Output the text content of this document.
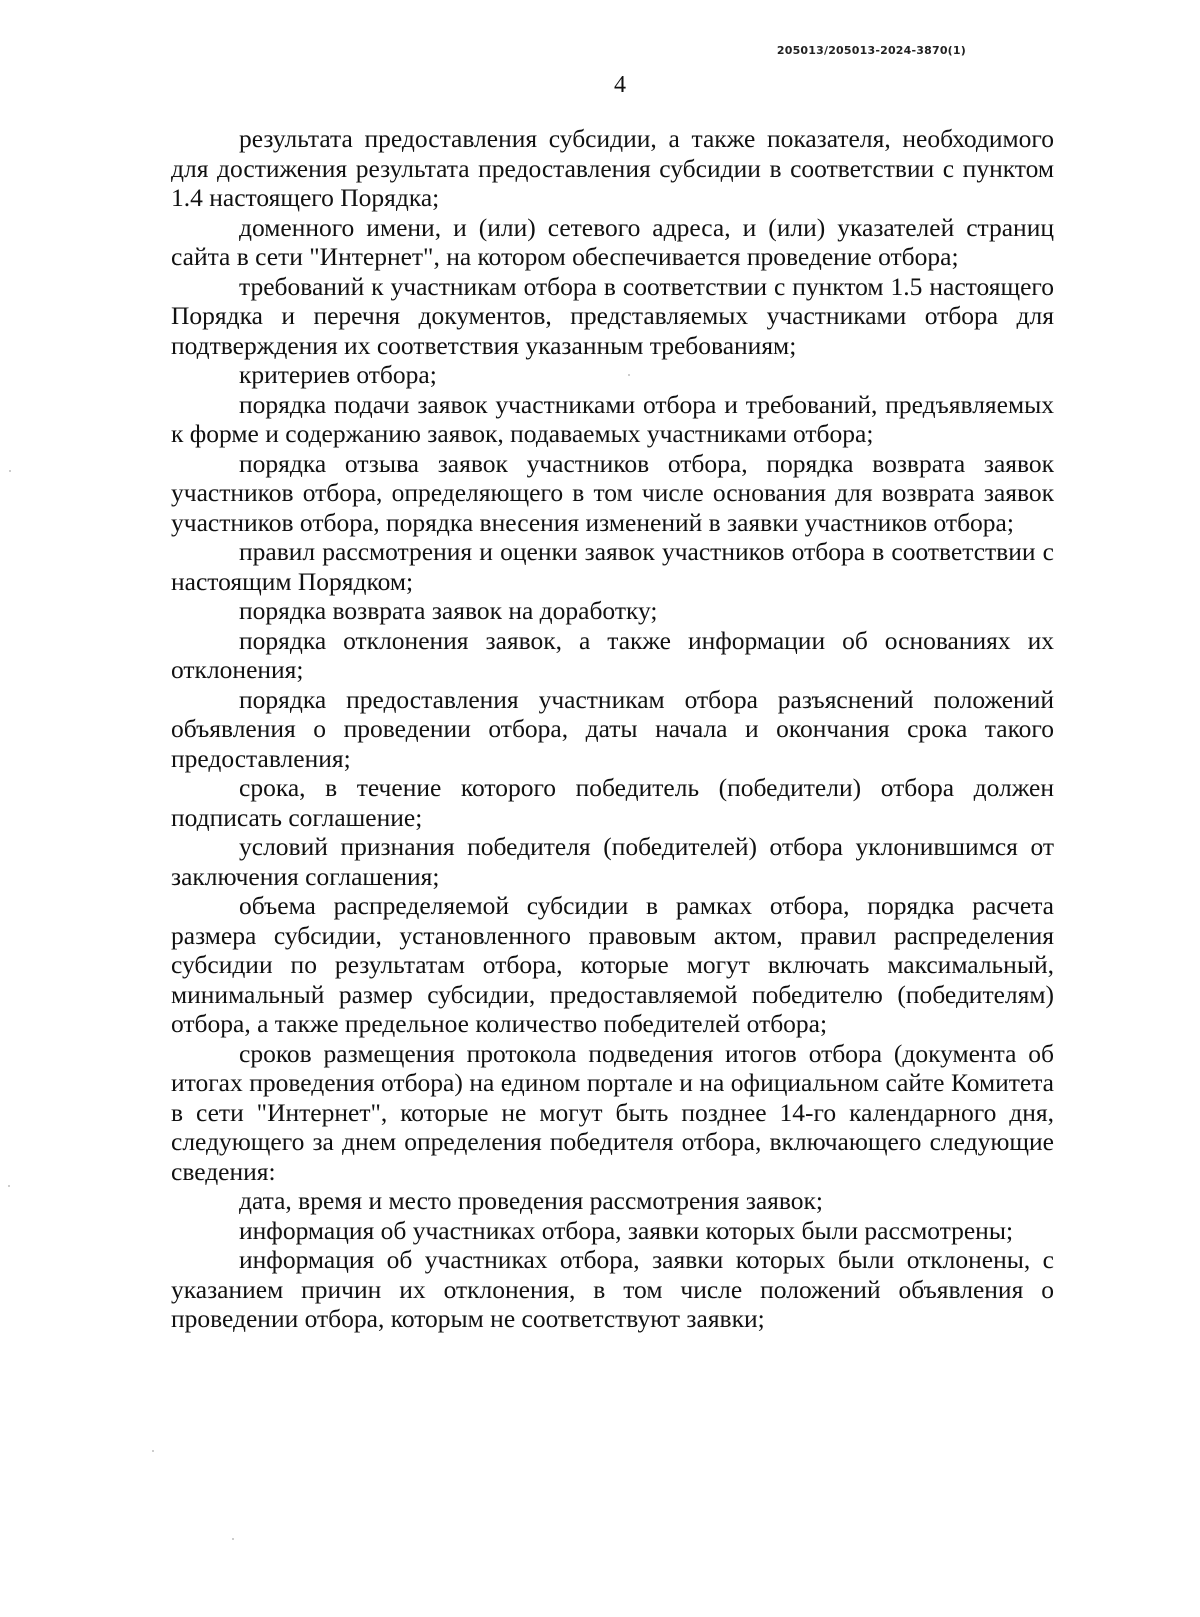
205013/205013-2024-3870(1)
4

результата предоставления субсидии, а также показателя, необходимого для достижения результата предоставления субсидии в соответствии с пунктом 1.4 настоящего Порядка;

доменного имени, и (или) сетевого адреса, и (или) указателей страниц сайта в сети "Интернет", на котором обеспечивается проведение отбора;

требований к участникам отбора в соответствии с пунктом 1.5 настоящего Порядка и перечня документов, представляемых участниками отбора для подтверждения их соответствия указанным требованиям;

критериев отбора;

порядка подачи заявок участниками отбора и требований, предъявляемых к форме и содержанию заявок, подаваемых участниками отбора;

порядка отзыва заявок участников отбора, порядка возврата заявок участников отбора, определяющего в том числе основания для возврата заявок участников отбора, порядка внесения изменений в заявки участников отбора;

правил рассмотрения и оценки заявок участников отбора в соответствии с настоящим Порядком;

порядка возврата заявок на доработку;

порядка отклонения заявок, а также информации об основаниях их отклонения;

порядка предоставления участникам отбора разъяснений положений объявления о проведении отбора, даты начала и окончания срока такого предоставления;

срока, в течение которого победитель (победители) отбора должен подписать соглашение;

условий признания победителя (победителей) отбора уклонившимся от заключения соглашения;

объема распределяемой субсидии в рамках отбора, порядка расчета размера субсидии, установленного правовым актом, правил распределения субсидии по результатам отбора, которые могут включать максимальный, минимальный размер субсидии, предоставляемой победителю (победителям) отбора, а также предельное количество победителей отбора;

сроков размещения протокола подведения итогов отбора (документа об итогах проведения отбора) на едином портале и на официальном сайте Комитета в сети "Интернет", которые не могут быть позднее 14-го календарного дня, следующего за днем определения победителя отбора, включающего следующие сведения:

дата, время и место проведения рассмотрения заявок;

информация об участниках отбора, заявки которых были рассмотрены;

информация об участниках отбора, заявки которых были отклонены, с указанием причин их отклонения, в том числе положений объявления о проведении отбора, которым не соответствуют заявки;
